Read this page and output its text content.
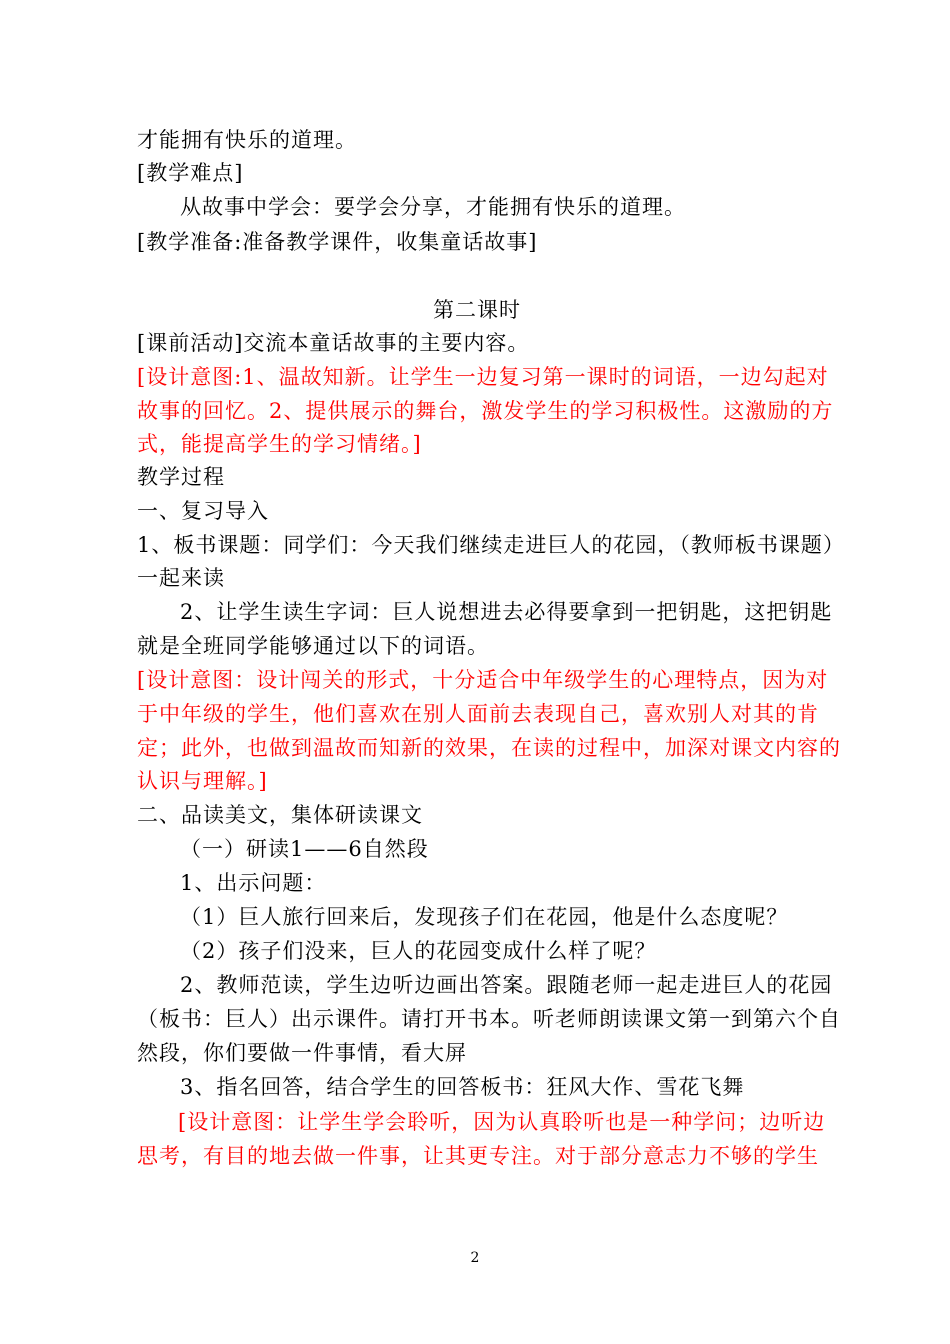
才能拥有快乐的道理。
[教学难点]
从故事中学会：要学会分享，才能拥有快乐的道理。
[教学准备:准备教学课件，收集童话故事]
第二课时
[课前活动]交流本童话故事的主要内容。
[设计意图:1、温故知新。让学生一边复习第一课时的词语，一边勾起对
故事的回忆。2、提供展示的舞台，激发学生的学习积极性。这激励的方
式，能提高学生的学习情绪。]
教学过程
一、复习导入
1、板书课题：同学们：今天我们继续走进巨人的花园，（教师板书课题）
一起来读
2、让学生读生字词：巨人说想进去必得要拿到一把钥匙，这把钥匙
就是全班同学能够通过以下的词语。
[设计意图：设计闯关的形式，十分适合中年级学生的心理特点，因为对
于中年级的学生，他们喜欢在别人面前去表现自己，喜欢别人对其的肯
定；此外，也做到温故而知新的效果，在读的过程中，加深对课文内容的
认识与理解。]
二、品读美文，集体研读课文
（一）研读1——6自然段
1、出示问题：
（1）巨人旅行回来后，发现孩子们在花园，他是什么态度呢？
（2）孩子们没来，巨人的花园变成什么样了呢？
2、教师范读，学生边听边画出答案。跟随老师一起走进巨人的花园
（板书：巨人）出示课件。请打开书本。听老师朗读课文第一到第六个自
然段，你们要做一件事情，看大屏
3、指名回答，结合学生的回答板书：狂风大作、雪花飞舞
[设计意图：让学生学会聆听，因为认真聆听也是一种学问；边听边
思考，有目的地去做一件事，让其更专注。对于部分意志力不够的学生
2
